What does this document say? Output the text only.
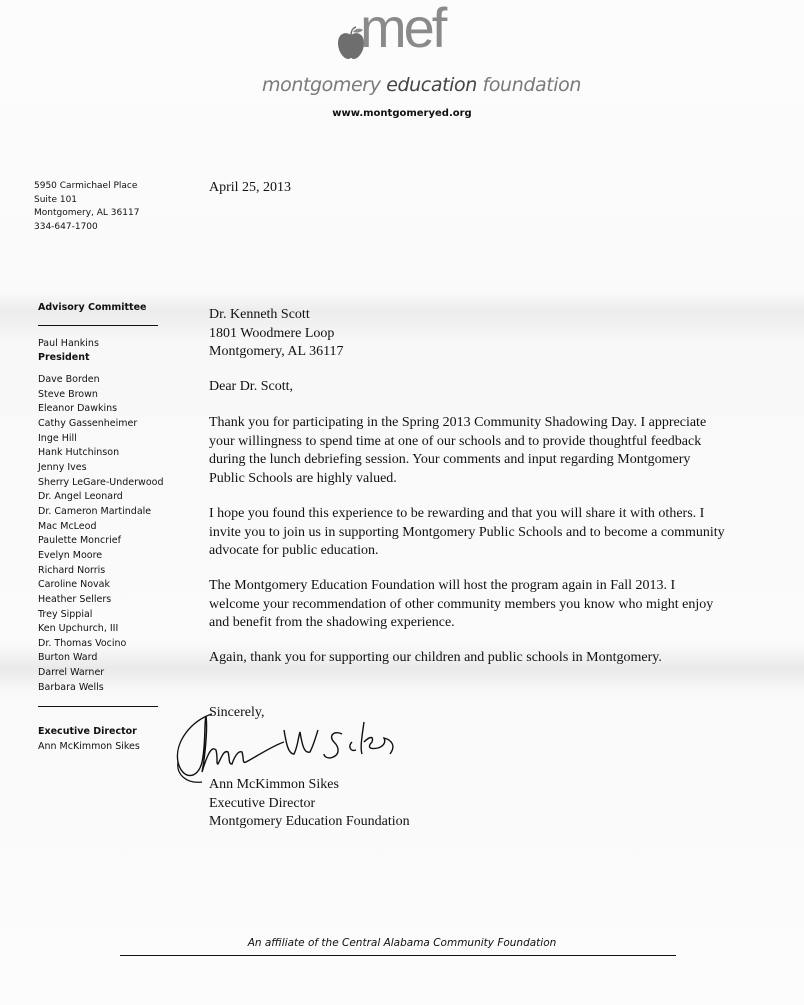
mef
montgomery education foundation
www.montgomeryed.org
5950 Carmichael Place
Suite 101
Montgomery, AL 36117
334-647-1700
Advisory Committee
Paul Hankins
President
Dave Borden
Steve Brown
Eleanor Dawkins
Cathy Gassenheimer
Inge Hill
Hank Hutchinson
Jenny Ives
Sherry LeGare-Underwood
Dr. Angel Leonard
Dr. Cameron Martindale
Mac McLeod
Paulette Moncrief
Evelyn Moore
Richard Norris
Caroline Novak
Heather Sellers
Trey Sippial
Ken Upchurch, III
Dr. Thomas Vocino
Burton Ward
Darrel Warner
Barbara Wells
Executive Director
Ann McKimmon Sikes
April 25, 2013
Dr. Kenneth Scott
1801 Woodmere Loop
Montgomery, AL 36117
Dear Dr. Scott,

Thank you for participating in the Spring 2013 Community Shadowing Day. I appreciate your willingness to spend time at one of our schools and to provide thoughtful feedback during the lunch debriefing session. Your comments and input regarding Montgomery Public Schools are highly valued.

I hope you found this experience to be rewarding and that you will share it with others. I invite you to join us in supporting Montgomery Public Schools and to become a community advocate for public education.

The Montgomery Education Foundation will host the program again in Fall 2013. I welcome your recommendation of other community members you know who might enjoy and benefit from the shadowing experience.

Again, thank you for supporting our children and public schools in Montgomery.

Sincerely,
Ann McKimmon Sikes
Executive Director
Montgomery Education Foundation
An affiliate of the Central Alabama Community Foundation
